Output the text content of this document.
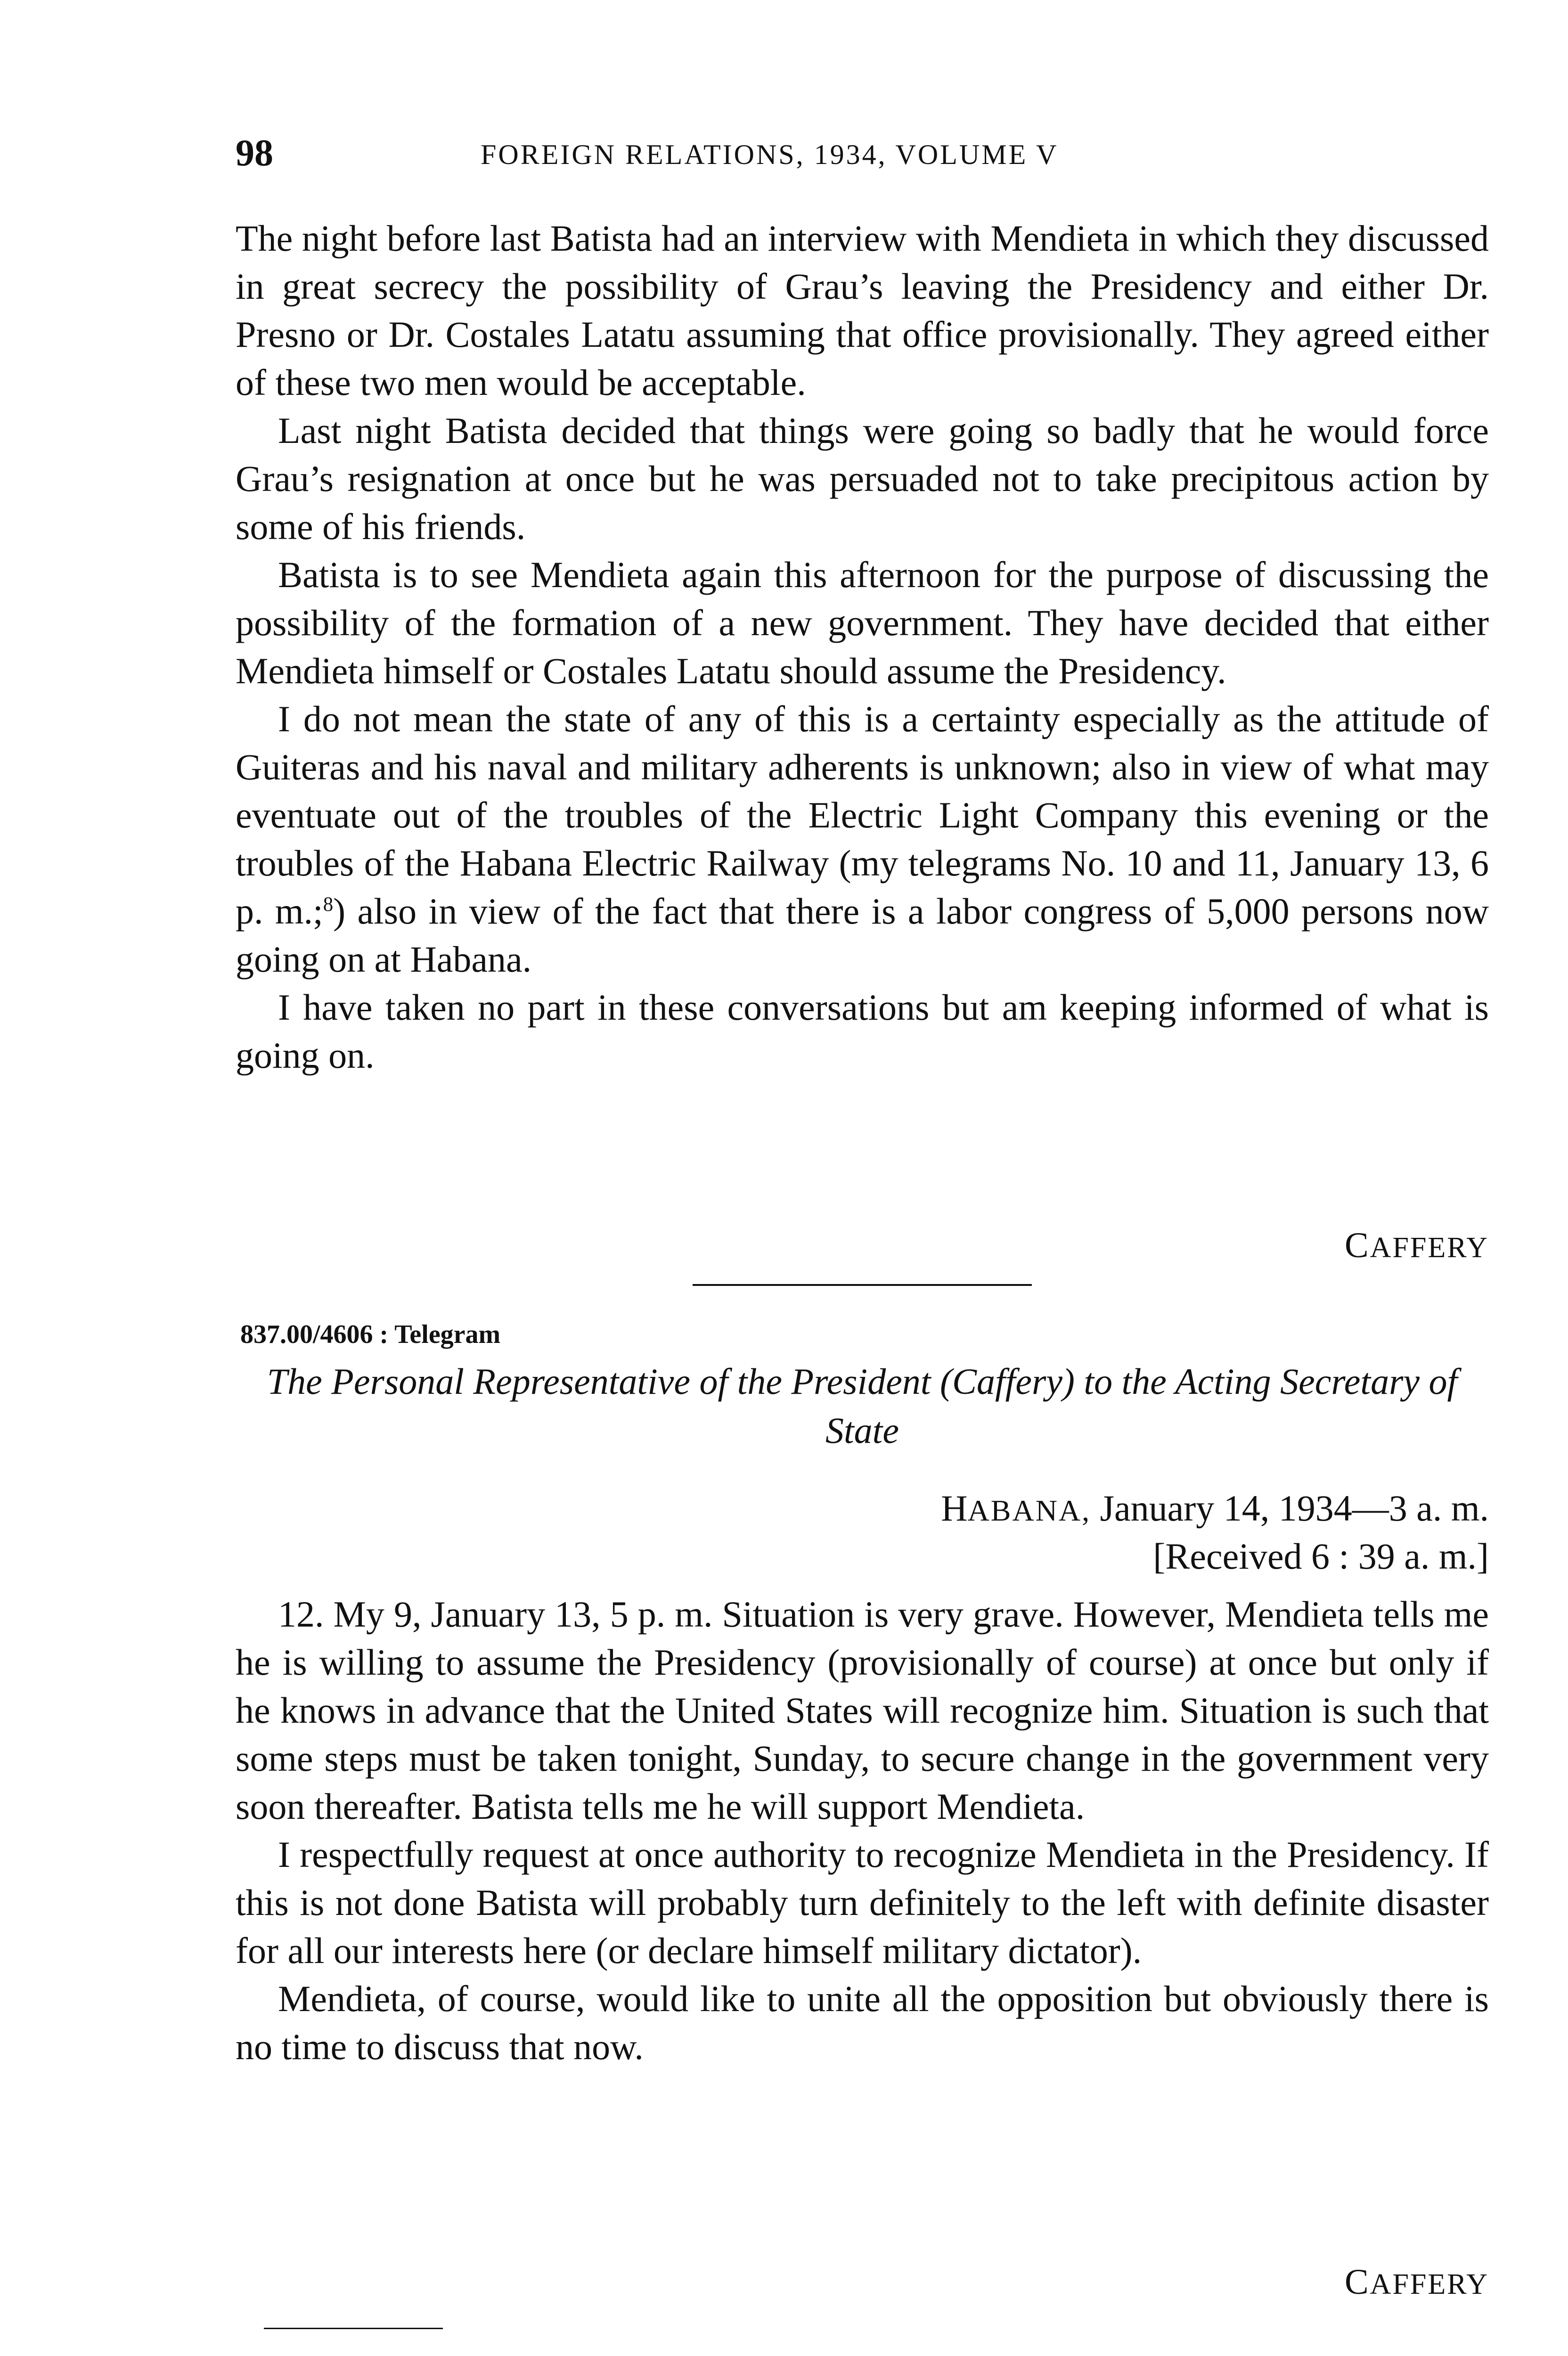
98	FOREIGN RELATIONS, 1934, VOLUME V

The night before last Batista had an interview with Mendieta in which they discussed in great secrecy the possibility of Grau’s leaving the Presidency and either Dr. Presno or Dr. Costales Latatu assuming that office provisionally. They agreed either of these two men would be acceptable.

Last night Batista decided that things were going so badly that he would force Grau’s resignation at once but he was persuaded not to take precipitous action by some of his friends.

Batista is to see Mendieta again this afternoon for the purpose of discussing the possibility of the formation of a new government. They have decided that either Mendieta himself or Costales Latatu should assume the Presidency.

I do not mean the state of any of this is a certainty especially as the attitude of Guiteras and his naval and military adherents is unknown; also in view of what may eventuate out of the troubles of the Electric Light Company this evening or the troubles of the Habana Electric Railway (my telegrams No. 10 and 11, January 13, 6 p. m.;$^8$) also in view of the fact that there is a labor congress of 5,000 persons now going on at Habana.

I have taken no part in these conversations but am keeping informed of what is going on.

CAFFERY
837.00/4606 : Telegram
The Personal Representative of the President (Caffery) to the Acting Secretary of State
HABANA, January 14, 1934—3 a. m.
[Received 6 : 39 a. m.]

12. My 9, January 13, 5 p. m. Situation is very grave. However, Mendieta tells me he is willing to assume the Presidency (provisionally of course) at once but only if he knows in advance that the United States will recognize him. Situation is such that some steps must be taken tonight, Sunday, to secure change in the government very soon thereafter. Batista tells me he will support Mendieta.

I respectfully request at once authority to recognize Mendieta in the Presidency. If this is not done Batista will probably turn definitely to the left with definite disaster for all our interests here (or declare himself military dictator).

Mendieta, of course, would like to unite all the opposition but obviously there is no time to discuss that now.

CAFFERY
